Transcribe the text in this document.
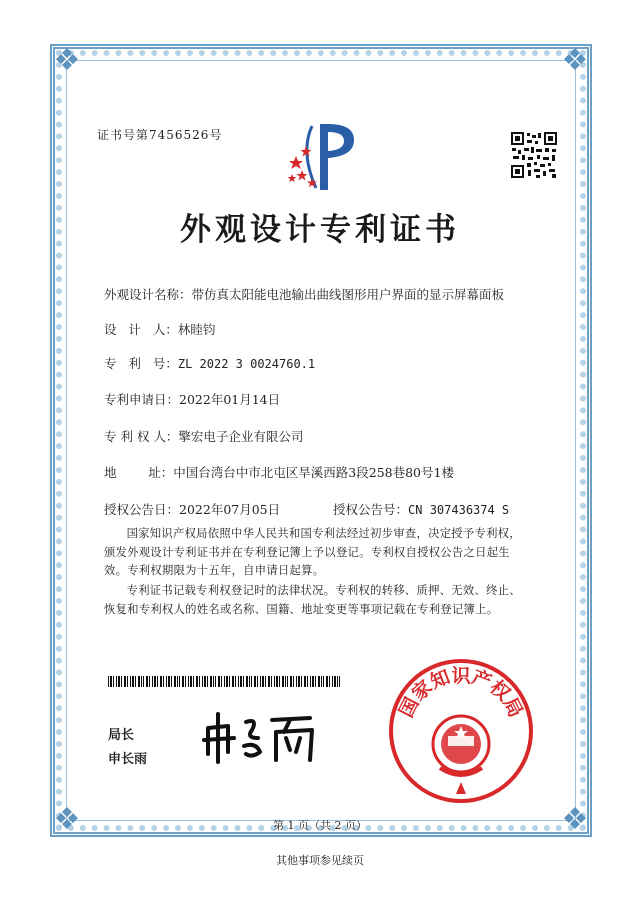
❖	❖
❖	❖
证书号第7456526号
外观设计专利证书
外观设计名称：带仿真太阳能电池输出曲线图形用户界面的显示屏幕面板
设   计   人：林睦钧
专   利   号：ZL 2022 3 0024760.1
专利申请日：2022年01月14日
专 利 权 人：擎宏电子企业有限公司
地        址：中国台湾台中市北屯区旱溪西路3段258巷80号1楼
授权公告日：2022年07月05日	授权公告号：CN 307436374 S
国家知识产权局依照中华人民共和国专利法经过初步审查，决定授予专利权，颁发外观设计专利证书并在专利登记簿上予以登记。专利权自授权公告之日起生效。专利权期限为十五年，自申请日起算。
专利证书记载专利权登记时的法律状况。专利权的转移、质押、无效、终止、恢复和专利权人的姓名或名称、国籍、地址变更等事项记载在专利登记簿上。
局长
申长雨
国家知识产权局
第 1 页（共 2 页）
其他事项参见续页
